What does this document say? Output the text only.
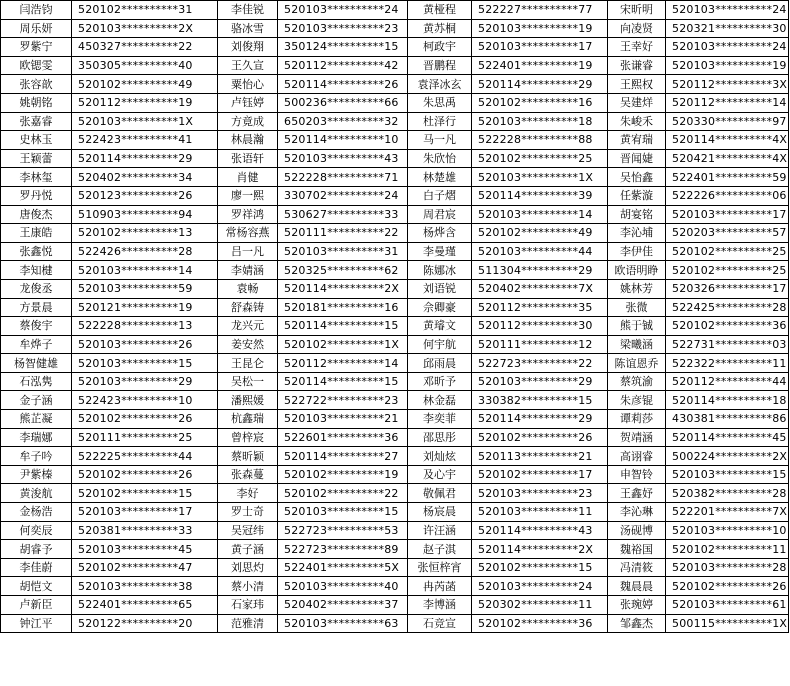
闫浩钧	520102**********31	李佳锐	520103**********24	黄桠程	522227**********77	宋昕明	520103**********24
周乐妍	520103**********2X	骆冰雪	520103**********23	黄苏桐	520103**********19	向凌贤	520321**********30
罗紫宁	450327**********22	刘俊翔	350124**********15	柯政宇	520103**********17	王幸好	520103**********24
欧锶雯	350305**********40	王久宣	520112**********42	晋鹏程	522401**********19	张谦睿	520103**********19
张容歆	520102**********49	粟怡心	520114**********26	袁泽冰玄	520114**********29	王熙权	520112**********3X
姚朝铭	520112**********19	卢钰婷	500236**********66	朱思禹	520102**********16	吴建烊	520112**********14
张嘉睿	520103**********1X	方竟成	650203**********32	杜泽行	520103**********18	朱峻禾	520330**********97
史林玉	522423**********41	林晨瀚	520114**********10	马一凡	522228**********88	黄宥瑞	520114**********4X
王颖蕾	520114**********29	张语轩	520103**********43	朱欣怡	520102**********25	晋闻婕	520421**********4X
李林玺	520402**********34	肖健	522228**********71	林楚雄	520103**********1X	吴怡鑫	522401**********59
罗丹悦	520123**********26	廖一熙	330702**********24	白子熠	520114**********39	任紫漩	522226**********06
唐俊杰	510903**********94	罗祥鸿	530627**********33	周君宸	520103**********14	胡宴铭	520103**********17
王康皓	520102**********13	常杨容燕	520111**********22	杨烨含	520102**********49	李沁埔	520203**********57
张鑫悦	522426**********28	吕一凡	520103**********31	李曼瑾	520103**********44	李伊佳	520102**********25
李知楗	520103**********14	李婧涵	520325**********62	陈娜冰	511304**********29	欧语明睁	520102**********25
龙俊丞	520103**********59	袁畅	520114**********2X	刘语锐	520402**********7X	姚林芳	520326**********17
方景晨	520121**********19	舒森铸	520181**********16	佘卿豪	520112**********35	张微	522425**********28
蔡俊宇	522228**********13	龙兴元	520114**********15	黄璿文	520112**********30	熊于铖	520102**********36
牟烨子	520103**********26	姜安然	520102**********1X	何宇航	520111**********12	梁曦涵	522731**********03
杨智健雄	520103**********15	王昆仑	520112**********14	邱雨晨	522723**********22	陈谊恩乔	522322**********11
石泓隽	520103**********29	吴松一	520114**********15	邓昕予	520103**********29	蔡筑渝	520112**********44
金子涵	522423**********10	潘熙媛	522722**********23	林金磊	330382**********15	朱彦锟	520114**********18
熊芷凝	520102**********26	杭鑫瑞	520103**********21	李奕菲	520114**********29	谭莉莎	430381**********86
李瑞娜	520111**********25	曾梓宸	522601**********36	邵思彤	520102**********26	贺靖涵	520114**********45
牟子吟	522225**********44	蔡昕颖	520114**********27	刘灿炫	520113**********21	高诩睿	500224**********2X
尹紫榛	520102**********26	张森蔓	520102**********19	及心宇	520102**********17	申智铃	520103**********15
黄浚航	520102**********15	李好	520102**********22	敬佩君	520103**********23	王鑫妤	520382**********28
金杨浩	520103**********17	罗士奇	520103**********15	杨宸晨	520103**********11	李沁琳	522201**********7X
何奕辰	520381**********33	吴冠纬	522723**********53	许汪涵	520114**********43	汤砚博	520103**********10
胡睿予	520103**********45	黄子涵	522723**********89	赵子淇	520114**********2X	魏裕国	520102**********11
李佳蔚	520102**********47	刘思灼	522401**********5X	张恒梓宵	520102**********15	冯清筱	520103**********28
胡恺文	520103**********38	蔡小清	520103**********40	冉芮菡	520103**********24	魏晨晨	520102**********26
卢新臣	522401**********65	石家玮	520402**********37	李博涵	520302**********11	张琬婷	520103**********61
钟江平	520122**********20	范雅清	520103**********63	石竞宣	520102**********36	邹鑫杰	500115**********1X
